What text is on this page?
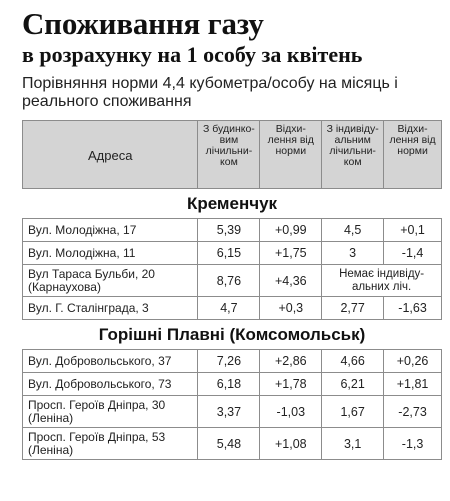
Споживання газу
в розрахунку на 1 особу за квітень
Порівняння норми 4,4 кубометра/особу на місяць і реального споживання
Адреса	З будинко-вим лічильни-ком	Відхи-лення від норми	З індивіду-альним лічильни-ком	Відхи-лення від норми
Кременчук				
Вул. Молодіжна, 17	5,39	+0,99	4,5	+0,1
Вул. Молодіжна, 11	6,15	+1,75	3	-1,4
Вул Тараса Бульби, 20 (Карнаухова)	8,76	+4,36	Немає індивіду-альних ліч.	
Вул. Г. Сталінграда, 3	4,7	+0,3	2,77	-1,63
Горішні Плавні (Комсомольськ)				
Вул. Добровольського, 37	7,26	+2,86	4,66	+0,26
Вул. Добровольського, 73	6,18	+1,78	6,21	+1,81
Просп. Героїв Дніпра, 30 (Леніна)	3,37	-1,03	1,67	-2,73
Просп. Героїв Дніпра, 53 (Леніна)	5,48	+1,08	3,1	-1,3
